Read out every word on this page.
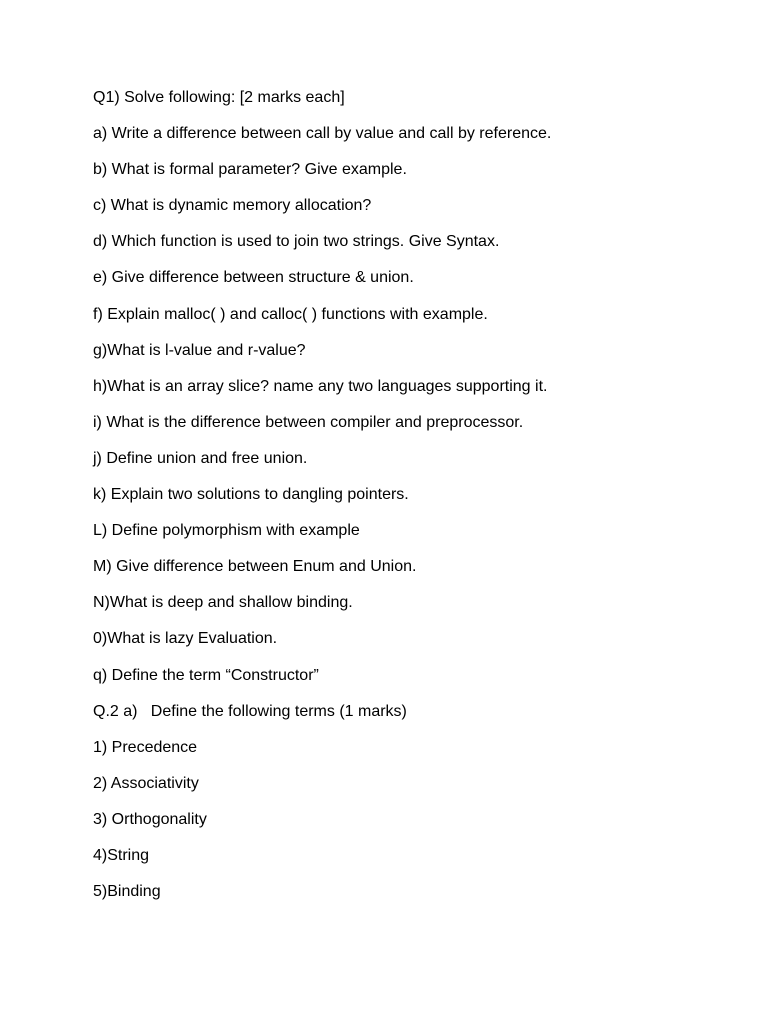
Q1) Solve following: [2 marks each]
a) Write a difference between call by value and call by reference.
b) What is formal parameter? Give example.
c) What is dynamic memory allocation?
d) Which function is used to join two strings. Give Syntax.
e) Give difference between structure & union.
f) Explain malloc( ) and calloc( ) functions with example.
g)What is l-value and r-value?
h)What is an array slice? name any two languages supporting it.
i) What is the difference between compiler and preprocessor.
j) Define union and free union.
k) Explain two solutions to dangling pointers.
L) Define polymorphism with example
M) Give difference between Enum and Union.
N)What is deep and shallow binding.
0)What is lazy Evaluation.
q) Define the term “Constructor”
Q.2 a)   Define the following terms (1 marks)
1) Precedence
2) Associativity
3) Orthogonality
4)String
5)Binding
